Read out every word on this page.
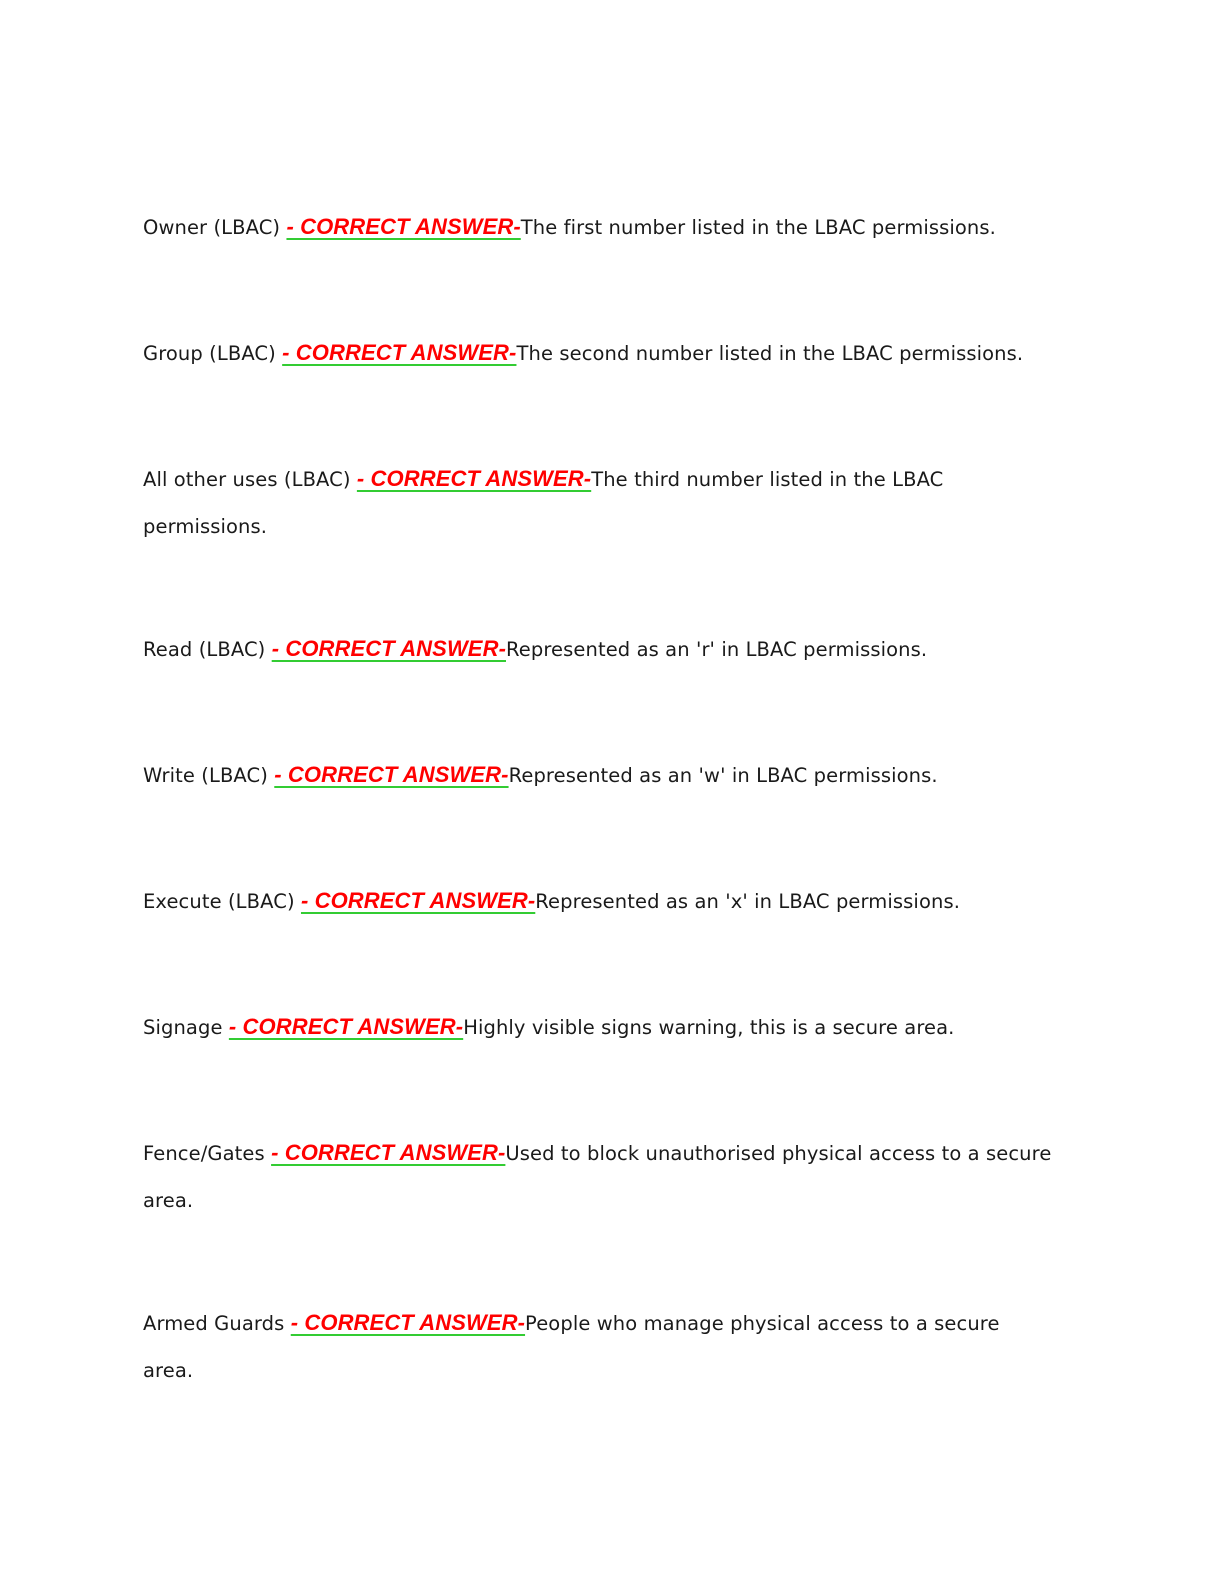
Owner (LBAC) - CORRECT ANSWER-The first number listed in the LBAC permissions.

Group (LBAC) - CORRECT ANSWER-The second number listed in the LBAC permissions.

All other uses (LBAC) - CORRECT ANSWER-The third number listed in the LBAC permissions.

Read (LBAC) - CORRECT ANSWER-Represented as an 'r' in LBAC permissions.

Write (LBAC) - CORRECT ANSWER-Represented as an 'w' in LBAC permissions.

Execute (LBAC) - CORRECT ANSWER-Represented as an 'x' in LBAC permissions.

Signage - CORRECT ANSWER-Highly visible signs warning, this is a secure area.

Fence/Gates - CORRECT ANSWER-Used to block unauthorised physical access to a secure area.

Armed Guards - CORRECT ANSWER-People who manage physical access to a secure area.
